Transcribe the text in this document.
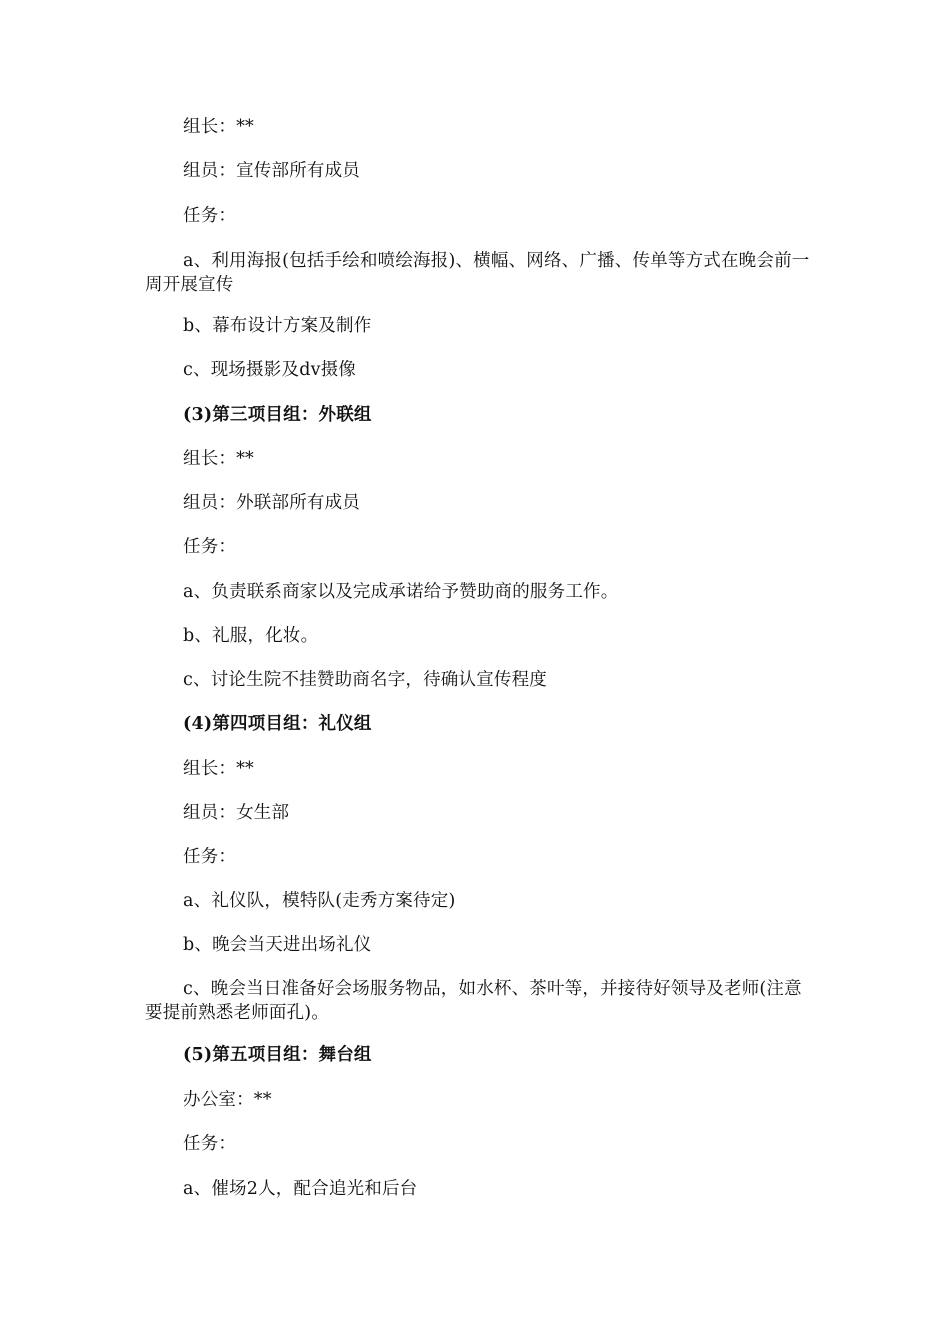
组长：**

组员：宣传部所有成员

任务：

a、利用海报(包括手绘和喷绘海报)、横幅、网络、广播、传单等方式在晚会前一周开展宣传

b、幕布设计方案及制作

c、现场摄影及dv摄像

(3)第三项目组：外联组

组长：**

组员：外联部所有成员

任务：

a、负责联系商家以及完成承诺给予赞助商的服务工作。

b、礼服，化妆。

c、讨论生院不挂赞助商名字，待确认宣传程度

(4)第四项目组：礼仪组

组长：**

组员：女生部

任务：

a、礼仪队，模特队(走秀方案待定)

b、晚会当天进出场礼仪

c、晚会当日准备好会场服务物品，如水杯、茶叶等，并接待好领导及老师(注意要提前熟悉老师面孔)。

(5)第五项目组：舞台组

办公室：**

任务：

a、催场2人，配合追光和后台
